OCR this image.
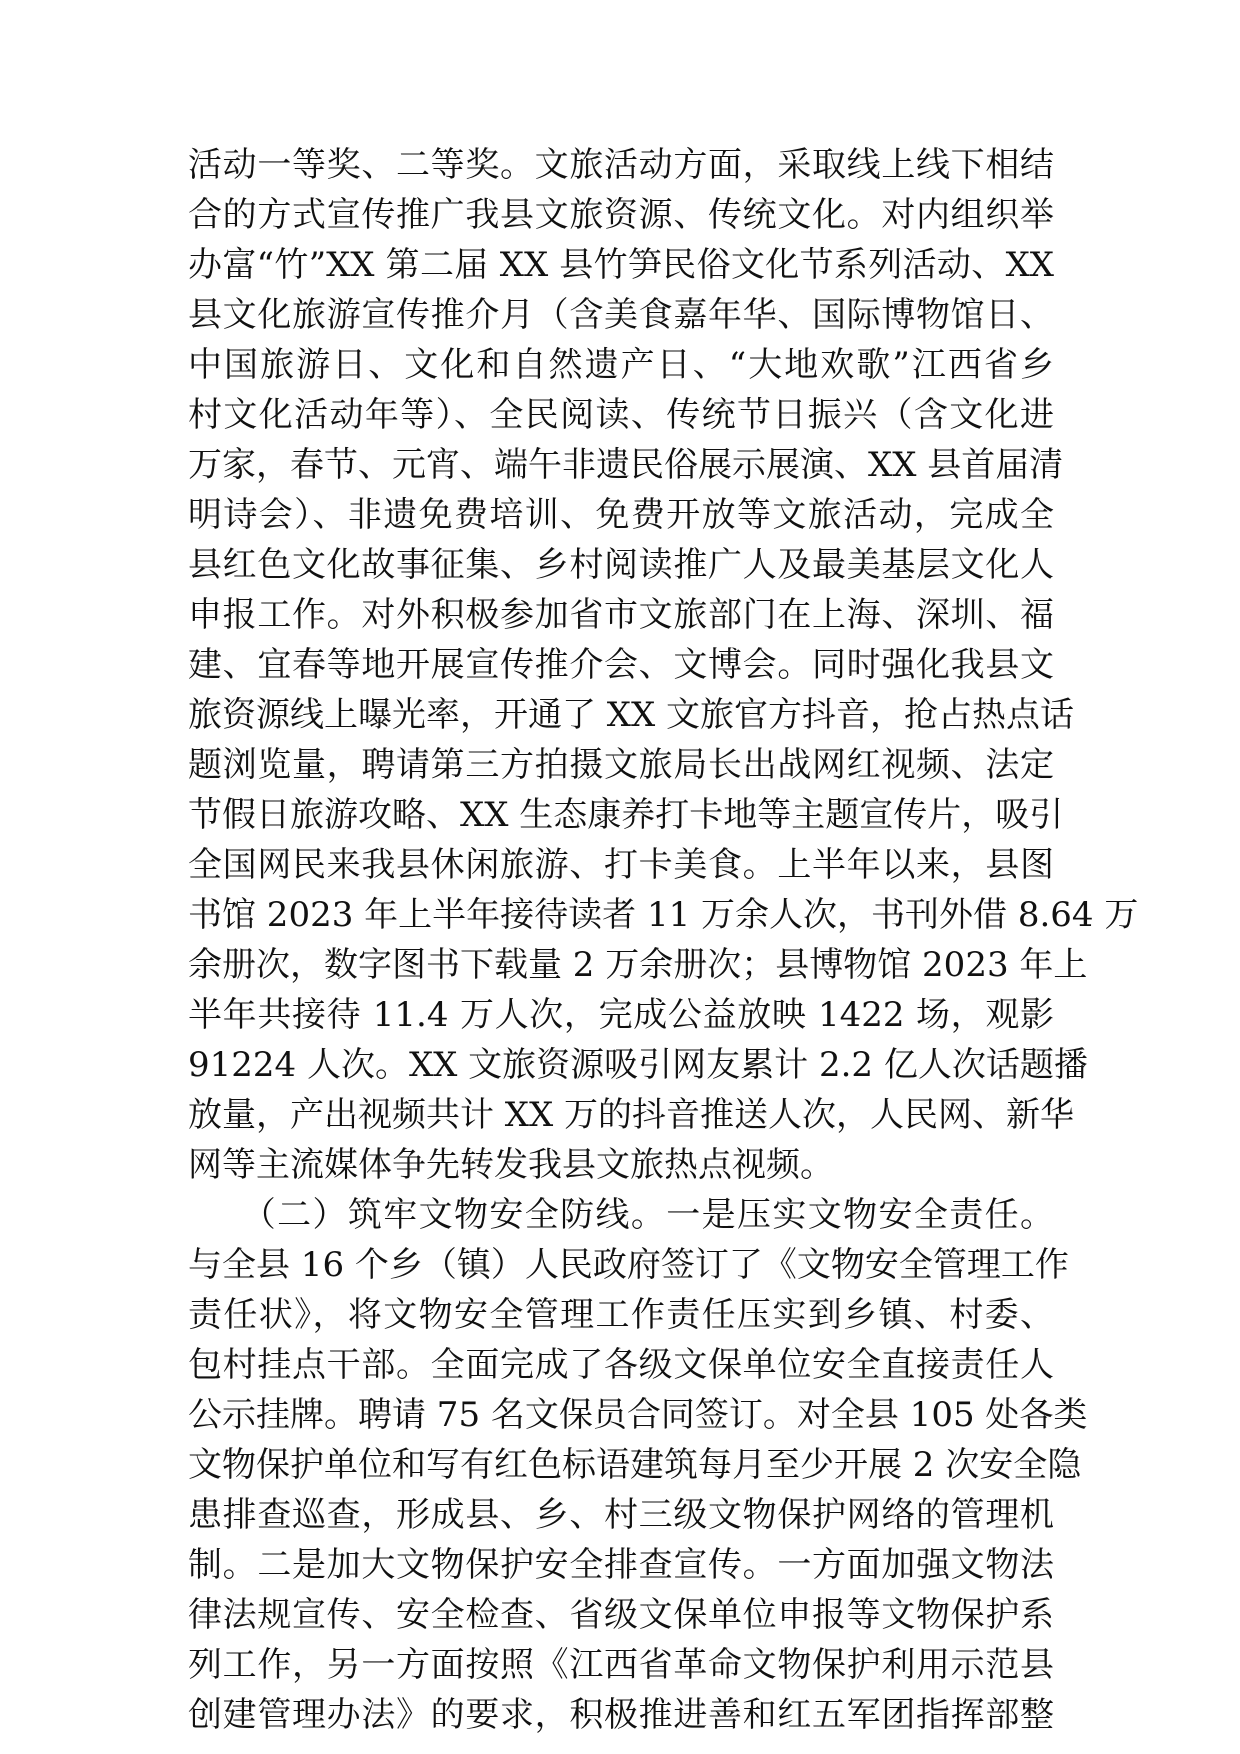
活动一等奖、二等奖。文旅活动方面，采取线上线下相结
合的方式宣传推广我县文旅资源、传统文化。对内组织举
办富“竹”XX 第二届 XX 县竹笋民俗文化节系列活动、XX
县文化旅游宣传推介月（含美食嘉年华、国际博物馆日、
中国旅游日、文化和自然遗产日、“大地欢歌”江西省乡
村文化活动年等）、全民阅读、传统节日振兴（含文化进
万家，春节、元宵、端午非遗民俗展示展演、XX 县首届清
明诗会）、非遗免费培训、免费开放等文旅活动，完成全
县红色文化故事征集、乡村阅读推广人及最美基层文化人
申报工作。对外积极参加省市文旅部门在上海、深圳、福
建、宜春等地开展宣传推介会、文博会。同时强化我县文
旅资源线上曝光率，开通了 XX 文旅官方抖音，抢占热点话
题浏览量，聘请第三方拍摄文旅局长出战网红视频、法定
节假日旅游攻略、XX 生态康养打卡地等主题宣传片，吸引
全国网民来我县休闲旅游、打卡美食。上半年以来，县图
书馆 2023 年上半年接待读者 11 万余人次，书刊外借 8.64 万
余册次，数字图书下载量 2 万余册次；县博物馆 2023 年上
半年共接待 11.4 万人次，完成公益放映 1422 场，观影
91224 人次。XX 文旅资源吸引网友累计 2.2 亿人次话题播
放量，产出视频共计 XX 万的抖音推送人次，人民网、新华
网等主流媒体争先转发我县文旅热点视频。
　　（二）筑牢文物安全防线。一是压实文物安全责任。
与全县 16 个乡（镇）人民政府签订了《文物安全管理工作
责任状》，将文物安全管理工作责任压实到乡镇、村委、
包村挂点干部。全面完成了各级文保单位安全直接责任人
公示挂牌。聘请 75 名文保员合同签订。对全县 105 处各类
文物保护单位和写有红色标语建筑每月至少开展 2 次安全隐
患排查巡查，形成县、乡、村三级文物保护网络的管理机
制。二是加大文物保护安全排查宣传。一方面加强文物法
律法规宣传、安全检查、省级文保单位申报等文物保护系
列工作，另一方面按照《江西省革命文物保护利用示范县
创建管理办法》的要求，积极推进善和红五军团指挥部整
